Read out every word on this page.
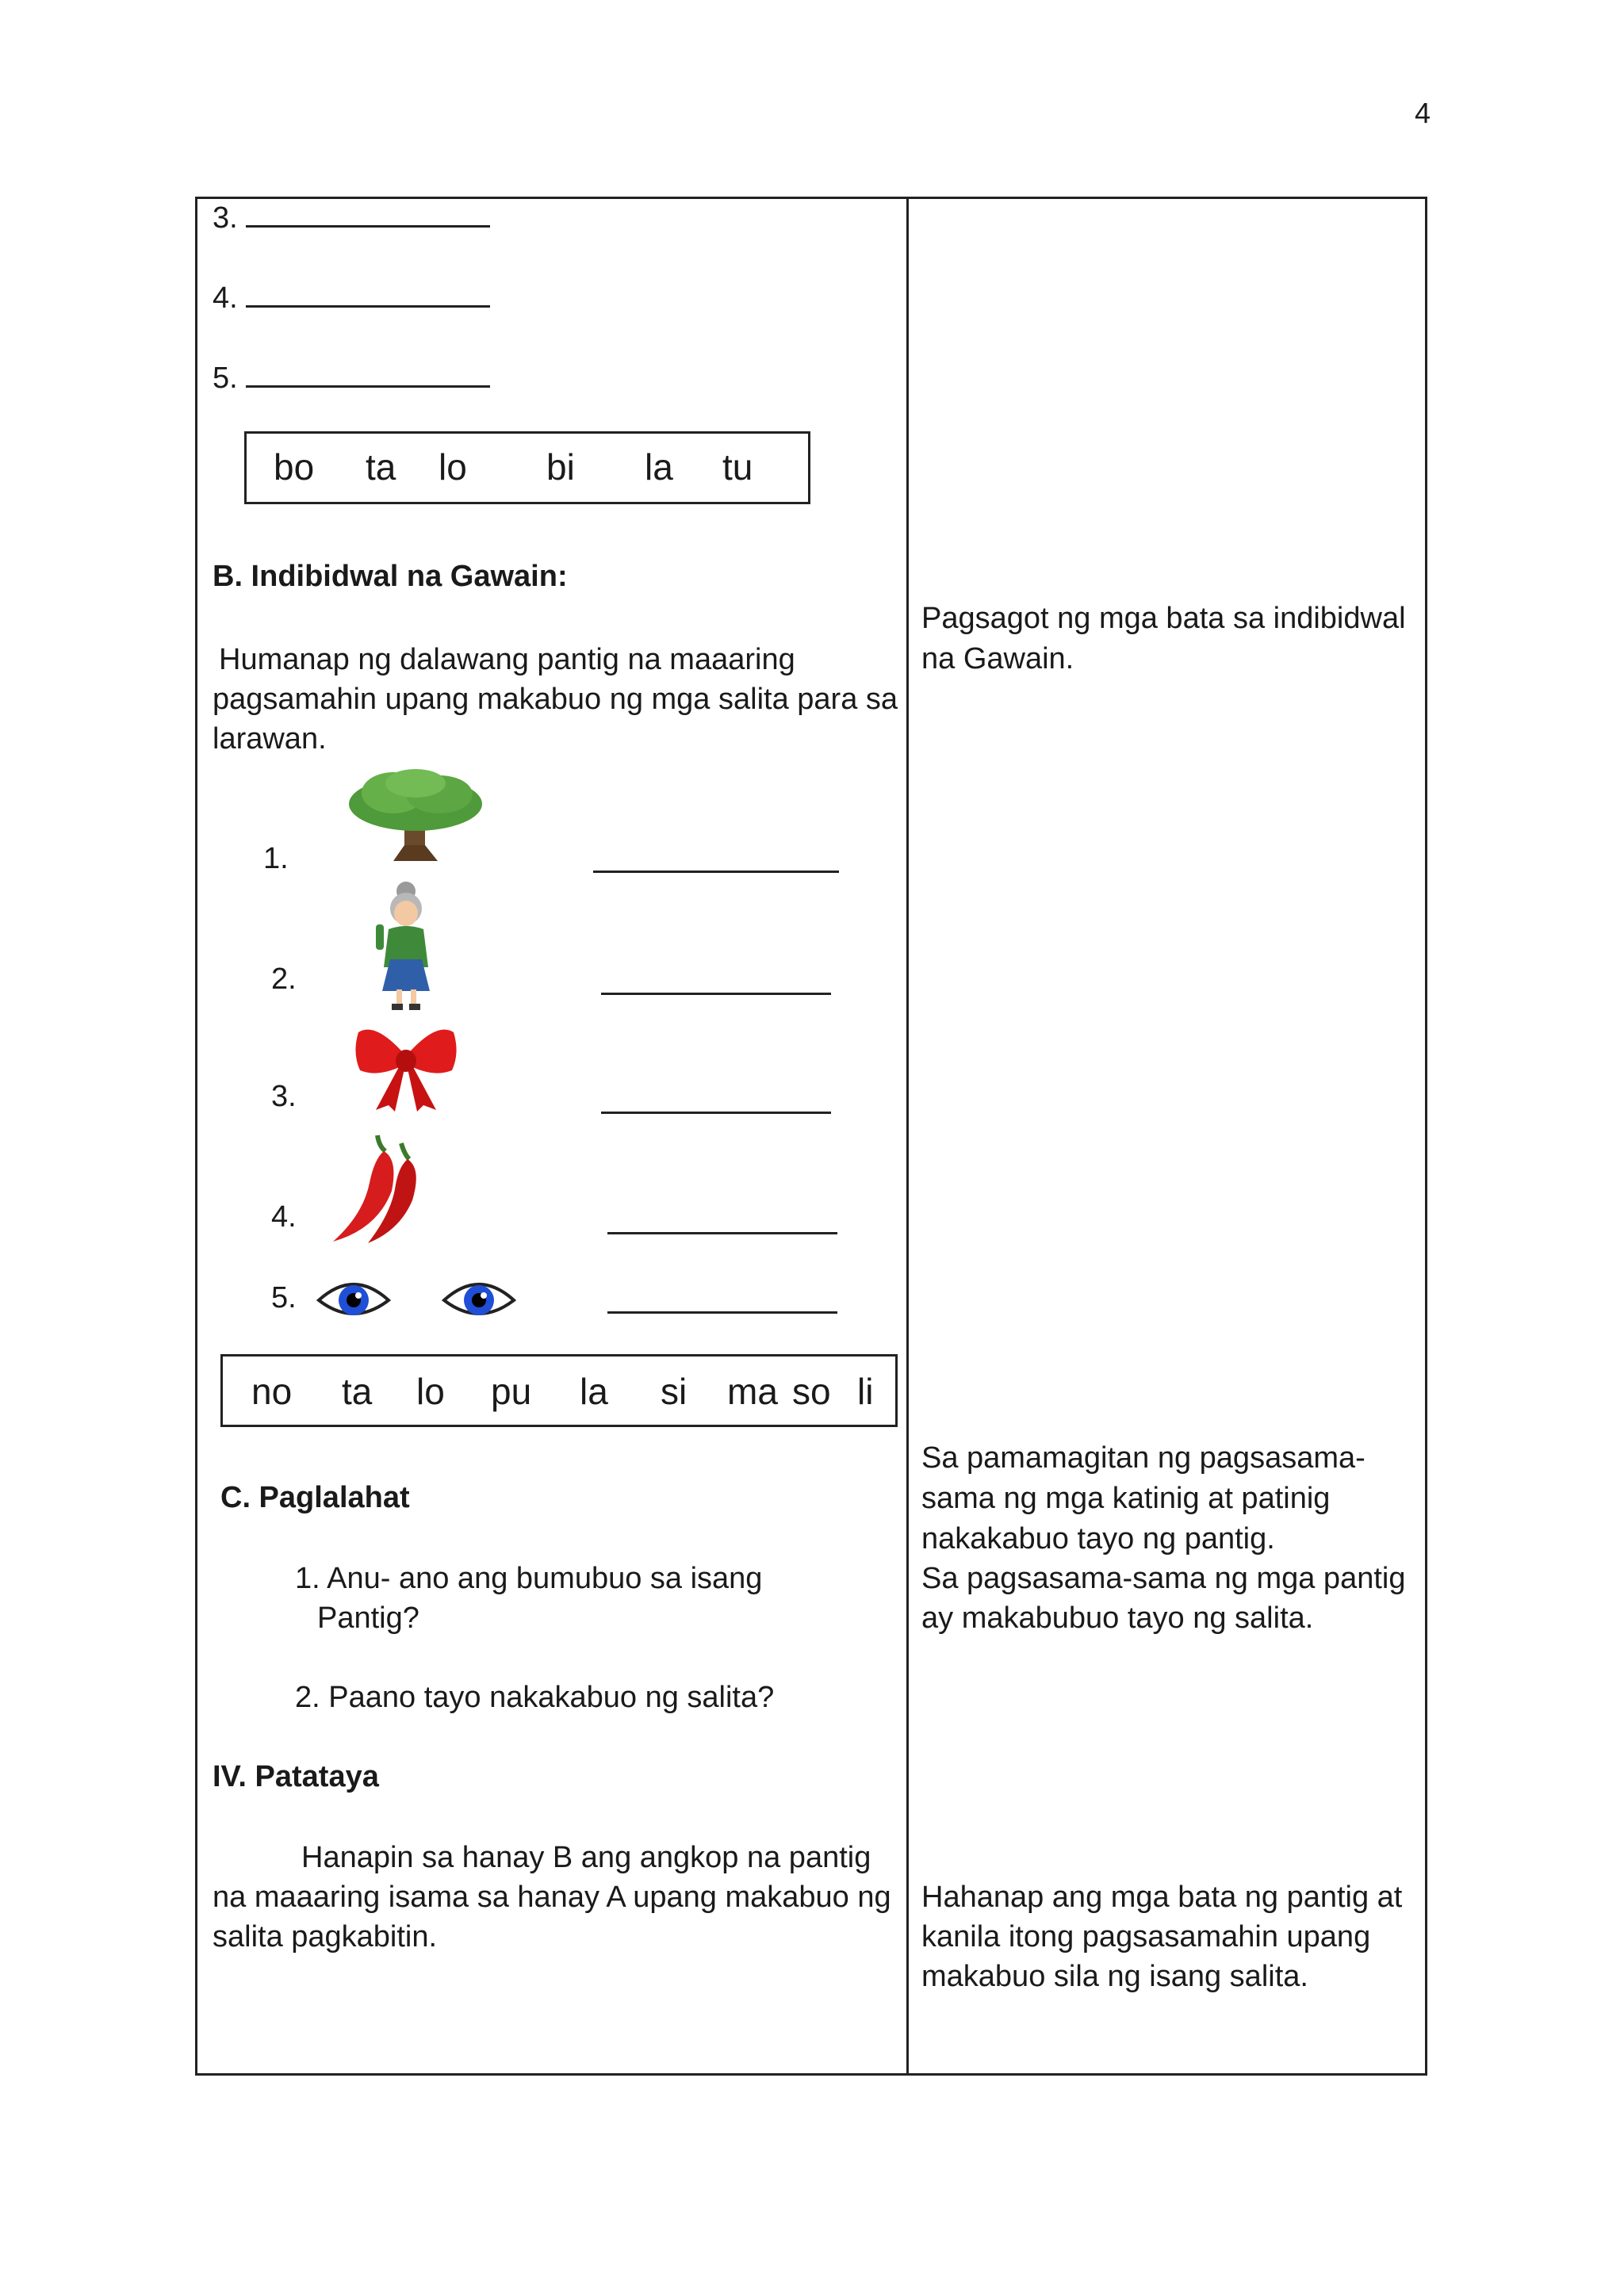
4
3.
4.
5.
bo ta lo bi la tu
B. Indibidwal na Gawain:
Humanap ng dalawang pantig na maaaring
pagsamahin upang makabuo ng mga salita para sa
larawan.
Pagsagot ng mga bata sa indibidwal
na Gawain.
1.
2.
3.
4.
5.
no ta lo pu la si ma so li
C. Paglalahat
1. Anu- ano ang bumubuo sa isang
Pantig?
2. Paano tayo nakakabuo ng salita?
Sa pamamagitan ng pagsasama-
sama ng mga katinig at patinig
nakakabuo tayo ng pantig.
Sa pagsasama-sama ng mga pantig
ay makabubuo tayo ng salita.
IV. Patataya
Hanapin sa hanay B ang angkop na pantig
na maaaring isama sa hanay A upang makabuo ng
salita pagkabitin.
Hahanap ang mga bata ng pantig at
kanila itong pagsasamahin upang
makabuo sila ng isang salita.
